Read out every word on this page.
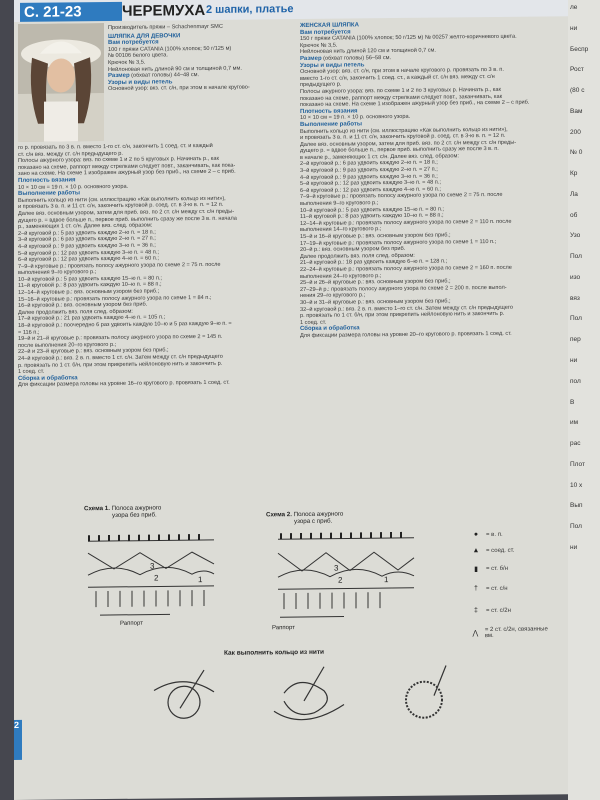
С. 21-23	ЧЕРЕМУХА 2 шапки, платье
Производитель пряжи – Schachenmayr SMC
ШЛЯПКА ДЛЯ ДЕВОЧКИ
Вам потребуется
100 г пряжи CATANIA (100% хлопок; 50 г/125 м)
№ 00106 белого цвета.
Крючок № 3,5.
Нейлоновая нить длиной 90 см и толщиной 0,7 мм.
Размер (обхват головы) 44–48 см.
Узоры и виды петель
Основной узор: вкз. ст. с/н, при этом в начале кругово-
го р. провязать по 3 в. п. вместо 1-го ст. с/н, закончить 1 соед. ст. и каждый
ст. с/н вяз. между ст. с/н предыдущего р.
Полосы ажурного узора: вяз. по схеме 1 и 2 по 5 круговых р. Начинать р., как
показано на схеме, раппорт между стрелками следует повт., заканчивать, как пока-
зано на схеме. На схеме 1 изображен ажурный узор без приб., на схеме 2 – с приб.
Плотность вязания
10 × 10 см = 19 п. × 10 р. основного узора.
Выполнение работы
Выполнить кольцо из нити (см. иллюстрацию «Как выполнить кольцо из нити»),
и провязать 3 в. п. и 11 ст. с/н, закончить круговой р. соед. ст. в 3-ю в. п. = 12 п.
Далее вяз. основным узором, затем для приб. вяз. по 2 ст. с/н между ст. с/н преды-
дущего р. = вдвое больше п., первое приб. выполнить сразу же после 3 в. п. начала
р., заменяющих 1 ст. с/н. Далее вяз. след. образом:
2–й круговой р.: 5 раз удвоить каждую 2–ю п. = 18 п.;
3–й круговой р.: 6 раз удвоить каждую 2–ю п. = 27 п.;
4–й круговой р.: 9 раз удвоить каждую 3–ю п. = 36 п.;
5–й круговой р.: 12 раз удвоить каждую 3–ю п. = 48 п.;
6–й круговой р.: 12 раз удвоить каждую 4–ю п. = 60 п.;
7–9–й круговые р.: провязать полосу ажурного узора по схеме 2 = 75 п. после
выполнения 9–го кругового р.;
10–й круговой р.: 5 раз удвоить каждую 15–ю п. = 80 п.;
11–й круговой р.: 8 раз удвоить каждую 10–ю п. = 88 п.;
12–14–й круговые р.: вяз. основным узором без приб.;
15–16–й круговые р.: провязать полосу ажурного узора по схеме 1 = 84 п.;
16–й круговой р.: вяз. основным узором без приб.
Далее продолжить вяз. поля след. образом:
17–й круговой р.: 21 раз удвоить каждую 4–ю п. = 105 п.;
18–й круговой р.: поочередно 6 раз удвоить каждую 10–ю и 5 раз каждую 9–ю п. =
= 116 п.;
19–й и 21–й круговые р.: провязать полосу ажурного узора по схеме 2 = 145 п.
после выполнения 20–го кругового р.;
22–й и 23–й круговые р.: вяз. основным узором без приб.;
24–й круговой р.: вяз. 2 в. п. вместо 1 ст. с/н. Затем между ст. с/н предыдущего
р. провязать по 1 ст. б/н, при этом прикрепить нейлоновую нить и закончить р.
1 соед. ст.
Сборка и обработка
Для фиксации размера головы на уровне 16–го кругового р. провязать 1 соед. ст.
ЖЕНСКАЯ ШЛЯПКА
Вам потребуется
150 г пряжи CATANIA (100% хлопок; 50 г/125 м) № 00257 желто-коричневого цвета.
Крючок № 3,5.
Нейлоновая нить длиной 120 см и толщиной 0,7 см.
Размер (обхват головы) 56–58 см.
Узоры и виды петель
Основной узор: вяз. ст. с/н, при этом в начале кругового р. провязать по 3 в. п.
вместо 1-го ст. с/н, закончить 1 соед. ст., а каждый ст. с/н вяз. между ст. с/н
предыдущего р.
Полосы ажурного узора: вяз. по схеме 1 и 2 по 3 круговых р. Начинать р., как
показано на схеме, раппорт между стрелками следует повт., заканчивать, как
показано на схеме. На схеме 1 изображен ажурный узор без приб., на схеме 2 – с приб.
Плотность вязания
10 × 10 см = 19 п. × 10 р. основного узора.
Выполнение работы
Выполнить кольцо из нити (см. иллюстрацию «Как выполнить кольцо из нити»),
и провязать 3 в. п. и 11 ст. с/н, закончить круговой р. соед. ст. в 3-ю в. п. = 12 п.
Далее вяз. основным узором, затем для приб. вяз. по 2 ст. с/н между ст. с/н преды-
дущего р. = вдвое больше п., первое приб. выполнить сразу же после 3 в. п.
в начале р., заменяющих 1 ст. с/н. Далее вяз. след. образом:
2–й круговой р.: 6 раз удвоить каждую 2–ю п. = 18 п.;
3–й круговой р.: 9 раз удвоить каждую 2–ю п. = 27 п.;
4–й круговой р.: 9 раз удвоить каждую 3–ю п. = 36 п.;
5–й круговой р.: 12 раз удвоить каждую 3–ю п. = 48 п.;
6–й круговой р.: 12 раз удвоить каждую 4–ю п. = 60 п.;
7–9–й круговые р.: провязать полосу ажурного узора по схеме 2 = 75 п. после
выполнения 9–го кругового р.;
10–й круговой р.: 5 раз удвоить каждую 15–ю п. = 80 п.;
11–й круговой р.: 8 раз удвоить каждую 10–ю п. = 88 п.;
12–14–й круговые р.: провязать полосу ажурного узора по схеме 2 = 110 п. после
выполнения 14–го кругового р.;
15–й и 16–й круговые р.: вяз. основным узором без приб.;
17–19–й круговые р.: провязать полосу ажурного узора по схеме 1 = 110 п.;
20–й р.: вяз. основным узором без приб.
Далее продолжить вяз. поля след. образом:
21–й круговой р.: 18 раз удвоить каждую 6–ю п. = 128 п.;
22–24–й круговые р.: провязать полосу ажурного узора по схеме 2 = 160 п. после
выполнения 24–го кругового р.;
25–й и 26–й круговые р.: вяз. основным узором без приб.;
27–29–й р.: провязать полосу ажурного узора по схеме 2 = 200 п. после выпол-
нения 29–го кругового р.;
30–й и 31–й круговые р.: вяз. основным узором без приб.;
32–й круговой р.: вяз. 2 в. п. вместо 1–го ст. с/н. Затем между ст. с/н предыдущего
р. провязать по 1 ст. б/н, при этом прикрепить нейлоновую нить и закончить р.
1 соед. ст.
Сборка и обработка
Для фиксации размера головы на уровне 20–го кругового р. провязать 1 соед. ст.
Схема 1. Полоса ажурного
узора без приб.	Схема 2. Полоса ажурного
узора с приб.
3
2	1
Раппорт
3
2	1
Раппорт
●	= в. п.
▲	= соед. ст.
▮	= ст. б/н
†	= ст. с/н
‡	= ст. с/2н
⋀
= 2 ст. с/2н, связанные вм.
Как выполнить кольцо из нити
2
ле
ни
Беспр
Рост
(80 с
Вам
200
№ 0
Кр
Ла
об
Узо
Пол
изо
вяз
Пол
пер
ни
пол
В
им
рас
Плот
10 х
Вып
Пол
ни
